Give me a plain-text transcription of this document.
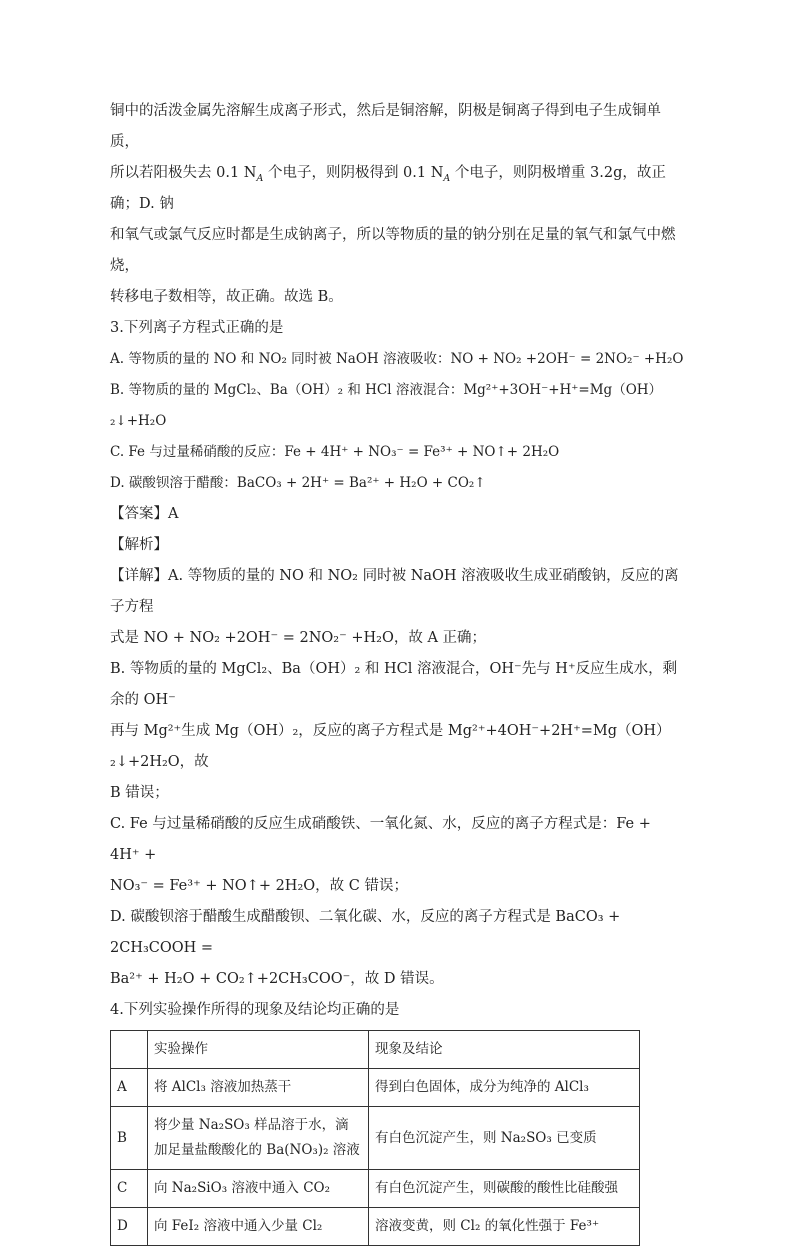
铜中的活泼金属先溶解生成离子形式，然后是铜溶解，阴极是铜离子得到电子生成铜单质，

所以若阳极失去 0.1 $N_A$ 个电子，则阴极得到 0.1 $N_A$ 个电子，则阴极增重 3.2g，故正确；D. 钠

和氧气或氯气反应时都是生成钠离子，所以等物质的量的钠分别在足量的氧气和氯气中燃烧，

转移电子数相等，故正确。故选 B。

3.下列离子方程式正确的是

A. 等物质的量的 NO 和 NO₂ 同时被 NaOH 溶液吸收：NO + NO₂ +2OH⁻ = 2NO₂⁻ +H₂O

B. 等物质的量的 MgCl₂、Ba（OH）₂ 和 HCl 溶液混合：Mg²⁺+3OH⁻+H⁺=Mg（OH）₂↓+H₂O

C. Fe 与过量稀硝酸的反应：Fe + 4H⁺ + NO₃⁻ = Fe³⁺ + NO↑+ 2H₂O

D. 碳酸钡溶于醋酸：BaCO₃ + 2H⁺ = Ba²⁺ + H₂O + CO₂↑

【答案】A

【解析】

【详解】A. 等物质的量的 NO 和 NO₂ 同时被 NaOH 溶液吸收生成亚硝酸钠，反应的离子方程

式是 NO + NO₂ +2OH⁻ = 2NO₂⁻ +H₂O，故 A 正确；

B. 等物质的量的 MgCl₂、Ba（OH）₂ 和 HCl 溶液混合，OH⁻先与 H⁺反应生成水，剩余的 OH⁻

再与 Mg²⁺生成 Mg（OH）₂，反应的离子方程式是 Mg²⁺+4OH⁻+2H⁺=Mg（OH）₂↓+2H₂O，故

B 错误；

C. Fe 与过量稀硝酸的反应生成硝酸铁、一氧化氮、水，反应的离子方程式是：Fe + 4H⁺ +

NO₃⁻ = Fe³⁺ + NO↑+ 2H₂O，故 C 错误；

D. 碳酸钡溶于醋酸生成醋酸钡、二氧化碳、水，反应的离子方程式是 BaCO₃ + 2CH₃COOH =

Ba²⁺ + H₂O + CO₂↑+2CH₃COO⁻，故 D 错误。

4.下列实验操作所得的现象及结论均正确的是

	实验操作	现象及结论
A	将 AlCl₃ 溶液加热蒸干	得到白色固体，成分为纯净的 AlCl₃
B	将少量 Na₂SO₃ 样品溶于水，滴加足量盐酸酸化的 Ba(NO₃)₂ 溶液	有白色沉淀产生，则 Na₂SO₃ 已变质
C	向 Na₂SiO₃ 溶液中通入 CO₂	有白色沉淀产生，则碳酸的酸性比硅酸强
D	向 FeI₂ 溶液中通入少量 Cl₂	溶液变黄，则 Cl₂ 的氧化性强于 Fe³⁺
